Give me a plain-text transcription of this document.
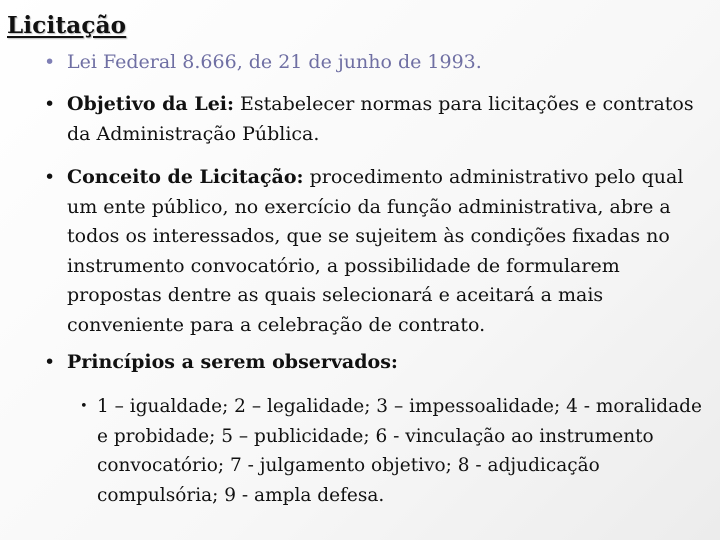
Licitação
• Lei Federal 8.666, de 21 de junho de 1993.
• Objetivo da Lei: Estabelecer normas para licitações e contratos da Administração Pública.
• Conceito de Licitação: procedimento administrativo pelo qual um ente público, no exercício da função administrativa, abre a todos os interessados, que se sujeitem às condições fixadas no instrumento convocatório, a possibilidade de formularem propostas dentre as quais selecionará e aceitará a mais conveniente para a celebração de contrato.
• Princípios a serem observados:
• 1 – igualdade; 2 – legalidade; 3 – impessoalidade; 4 - moralidade e probidade; 5 – publicidade; 6 - vinculação ao instrumento convocatório; 7 - julgamento objetivo; 8 - adjudicação compulsória; 9 - ampla defesa.
